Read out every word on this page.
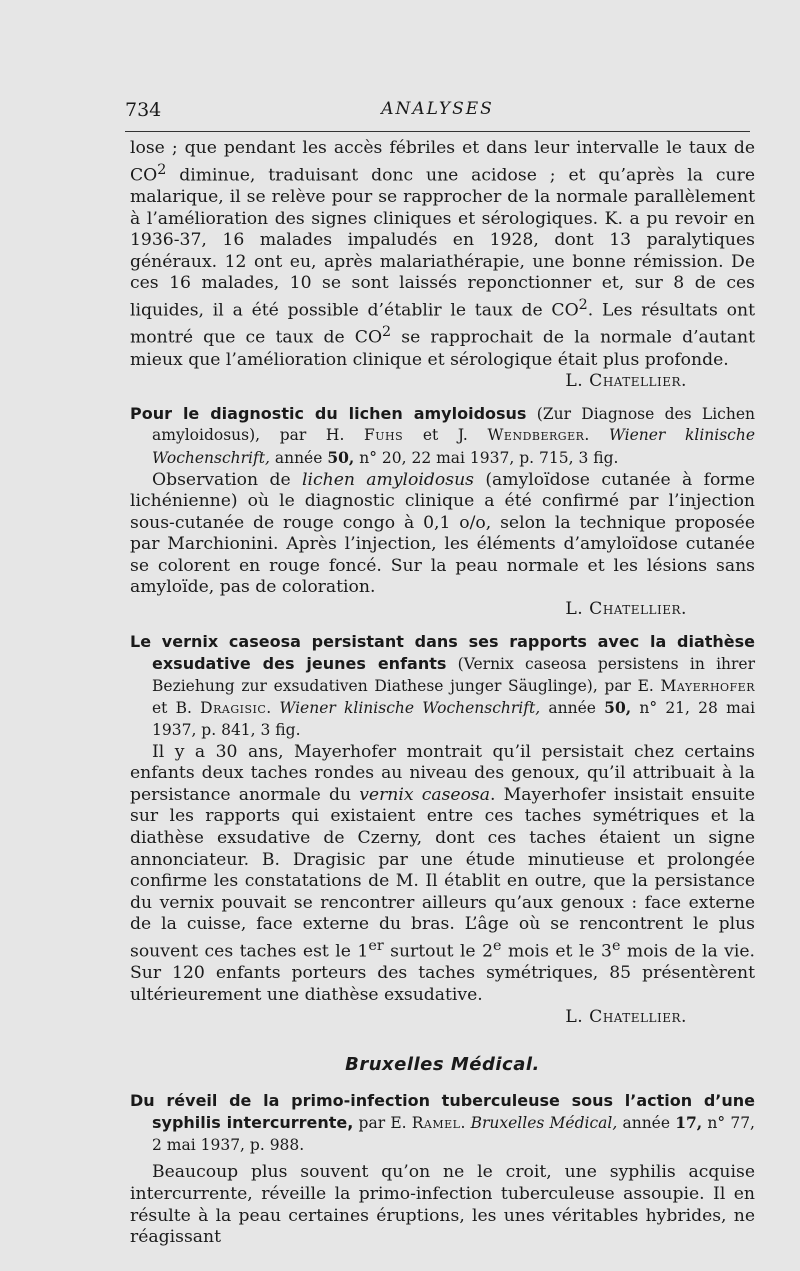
734	ANALYSES

lose ; que pendant les accès fébriles et dans leur intervalle le taux de $CO^2$ diminue, traduisant donc une acidose ; et qu’après la cure malarique, il se relève pour se rapprocher de la normale parallèlement à l’amélioration des signes cliniques et sérologiques. K. a pu revoir en 1936-37, 16 malades impaludés en 1928, dont 13 paralytiques généraux. 12 ont eu, après malariathérapie, une bonne rémission. De ces 16 malades, 10 se sont laissés reponctionner et, sur 8 de ces liquides, il a été possible d’établir le taux de $CO^2$. Les résultats ont montré que ce taux de $CO^2$ se rapprochait de la normale d’autant mieux que l’amélioration clinique et sérologique était plus profonde.

L. Chatellier.

Pour le diagnostic du lichen amyloidosus (Zur Diagnose des Lichen amyloidosus), par H. Fuhs et J. Wendberger. Wiener klinische Wochenschrift, année 50, n° 20, 22 mai 1937, p. 715, 3 fig.

Observation de lichen amyloidosus (amyloïdose cutanée à forme lichénienne) où le diagnostic clinique a été confirmé par l’injection sous-cutanée de rouge congo à 0,1 o/o, selon la technique proposée par Marchionini. Après l’injection, les éléments d’amyloïdose cutanée se colorent en rouge foncé. Sur la peau normale et les lésions sans amyloïde, pas de coloration.

L. Chatellier.

Le vernix caseosa persistant dans ses rapports avec la diathèse exsudative des jeunes enfants (Vernix caseosa persistens in ihrer Beziehung zur exsudativen Diathese junger Säuglinge), par E. Mayerhofer et B. Dragisic. Wiener klinische Wochenschrift, année 50, n° 21, 28 mai 1937, p. 841, 3 fig.

Il y a 30 ans, Mayerhofer montrait qu’il persistait chez certains enfants deux taches rondes au niveau des genoux, qu’il attribuait à la persistance anormale du vernix caseosa. Mayerhofer insistait ensuite sur les rapports qui existaient entre ces taches symétriques et la diathèse exsudative de Czerny, dont ces taches étaient un signe annonciateur. B. Dragisic par une étude minutieuse et prolongée confirme les constatations de M. Il établit en outre, que la persistance du vernix pouvait se rencontrer ailleurs qu’aux genoux : face externe de la cuisse, face externe du bras. L’âge où se rencontrent le plus souvent ces taches est le 1er surtout le 2e mois et le 3e mois de la vie. Sur 120 enfants porteurs des taches symétriques, 85 présentèrent ultérieurement une diathèse exsudative.

L. Chatellier.

Bruxelles Médical.

Du réveil de la primo-infection tuberculeuse sous l’action d’une syphilis intercurrente, par E. Ramel. Bruxelles Médical, année 17, n° 77, 2 mai 1937, p. 988.

Beaucoup plus souvent qu’on ne le croit, une syphilis acquise intercurrente, réveille la primo-infection tuberculeuse assoupie. Il en résulte à la peau certaines éruptions, les unes véritables hybrides, ne réagissant
